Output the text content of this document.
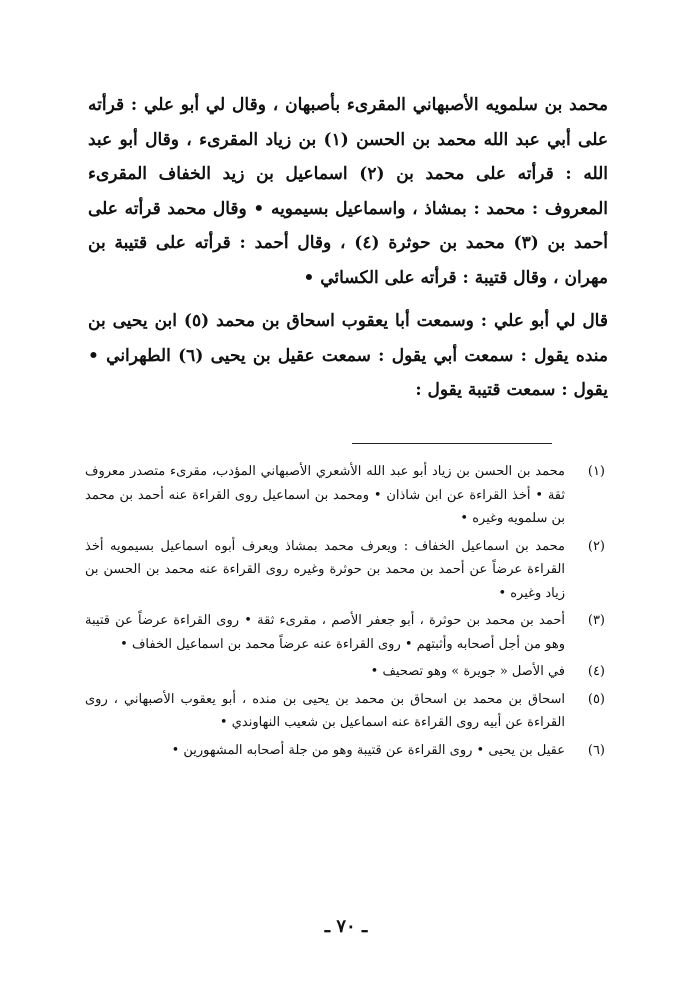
محمد بن سلمويه الأصبهاني المقرىء بأصبهان ، وقال لي أبو علي : قرأته على أبي عبد الله محمد بن الحسن (١) بن زياد المقرىء ، وقال أبو عبد الله : قرأته على محمد بن (٢) اسماعيل بن زيد الخفاف المقرىء المعروف : محمد : بمشاذ ، واسماعيل بسيمويه • وقال محمد قرأته على أحمد بن (٣) محمد بن حوثرة (٤) ، وقال أحمد : قرأته على قتيبة بن مهران ، وقال قتيبة : قرأته على الكسائي •

قال لي أبو علي : وسمعت أبا يعقوب اسحاق بن محمد (٥) ابن يحيى بن منده يقول : سمعت أبي يقول : سمعت عقيل بن يحيى (٦) الطهراني • يقول : سمعت قتيبة يقول :

(١)
محمد بن الحسن بن زياد أبو عبد الله الأشعري الأصبهاني المؤدب، مقرىء متصدر معروف ثقة • أخذ القراءة عن ابن شاذان • ومحمد بن اسماعيل روى القراءة عنه أحمد بن محمد بن سلمويه وغيره •
(٢)
محمد بن اسماعيل الخفاف : ويعرف محمد بمشاذ ويعرف أبوه اسماعيل بسيمويه أخذ القراءة عرضاً عن أحمد بن محمد بن حوثرة وغيره روى القراءة عنه محمد بن الحسن بن زياد وغيره •
(٣)
أحمد بن محمد بن حوثرة ، أبو جعفر الأصم ، مقرىء ثقة • روى القراءة عرضاً عن قتيبة وهو من أجل أصحابه وأثبتهم • روى القراءة عنه عرضاً محمد بن اسماعيل الخفاف •
(٤)
في الأصل « جويرة » وهو تصحيف •
(٥)
اسحاق بن محمد بن اسحاق بن محمد بن يحيى بن منده ، أبو يعقوب الأصبهاني ، روى القراءة عن أبيه روى القراءة عنه اسماعيل بن شعيب النهاوندي •
(٦)
عقيل بن يحيى • روى القراءة عن قتيبة وهو من جلة أصحابه المشهورين •
ـ ٧٠ ـ
